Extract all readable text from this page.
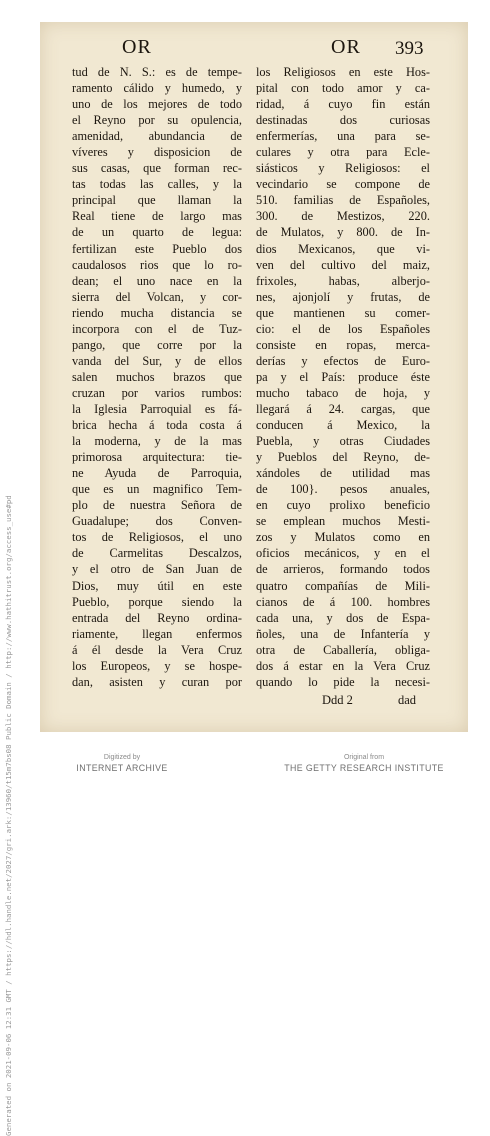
OR	OR 393
tud de N. S.: es de tempe-
ramento cálido y humedo, y
uno de los mejores de todo
el Reyno por su opulencia,
amenidad, abundancia de
víveres y disposicion de
sus casas, que forman rec-
tas todas las calles, y la
principal que llaman la
Real tiene de largo mas
de un quarto de legua:
fertilizan este Pueblo dos
caudalosos rios que lo ro-
dean; el uno nace en la
sierra del Volcan, y cor-
riendo mucha distancia se
incorpora con el de Tuz-
pango, que corre por la
vanda del Sur, y de ellos
salen muchos brazos que
cruzan por varios rumbos:
la Iglesia Parroquial es fá-
brica hecha á toda costa á
la moderna, y de la mas
primorosa arquitectura: tie-
ne Ayuda de Parroquia,
que es un magnifico Tem-
plo de nuestra Señora de
Guadalupe; dos Conven-
tos de Religiosos, el uno
de Carmelitas Descalzos,
y el otro de San Juan de
Dios, muy útil en este
Pueblo, porque siendo la
entrada del Reyno ordina-
riamente, llegan enfermos
á él desde la Vera Cruz
los Europeos, y se hospe-
dan, asisten y curan por
los Religiosos en este Hos-
pital con todo amor y ca-
ridad, á cuyo fin están
destinadas dos curiosas
enfermerías, una para se-
culares y otra para Ecle-
siásticos y Religiosos: el
vecindario se compone de
510. familias de Españoles,
300. de Mestizos, 220.
de Mulatos, y 800. de In-
dios Mexicanos, que vi-
ven del cultivo del maiz,
frixoles, habas, alberjo-
nes, ajonjolí y frutas, de
que mantienen su comer-
cio: el de los Españoles
consiste en ropas, merca-
derías y efectos de Euro-
pa y el País: produce éste
mucho tabaco de hoja, y
llegará á 24. cargas, que
conducen á Mexico, la
Puebla, y otras Ciudades
y Pueblos del Reyno, de-
xándoles de utilidad mas
de 100}. pesos anuales,
en cuyo prolixo beneficio
se emplean muchos Mesti-
zos y Mulatos como en
oficios mecánicos, y en el
de arrieros, formando todos
quatro compañías de Mili-
cianos de á 100. hombres
cada una, y dos de Espa-
ñoles, una de Infantería y
otra de Caballería, obliga-
dos á estar en la Vera Cruz
quando lo pide la necesi-
Ddd 2	dad
Generated on 2021-09-06 12:31 GMT / https://hdl.handle.net/2027/gri.ark:/13960/t15m7bs08 Public Domain / http://www.hathitrust.org/access_use#pd	Digitized by
INTERNET ARCHIVE
Original from
THE GETTY RESEARCH INSTITUTE
